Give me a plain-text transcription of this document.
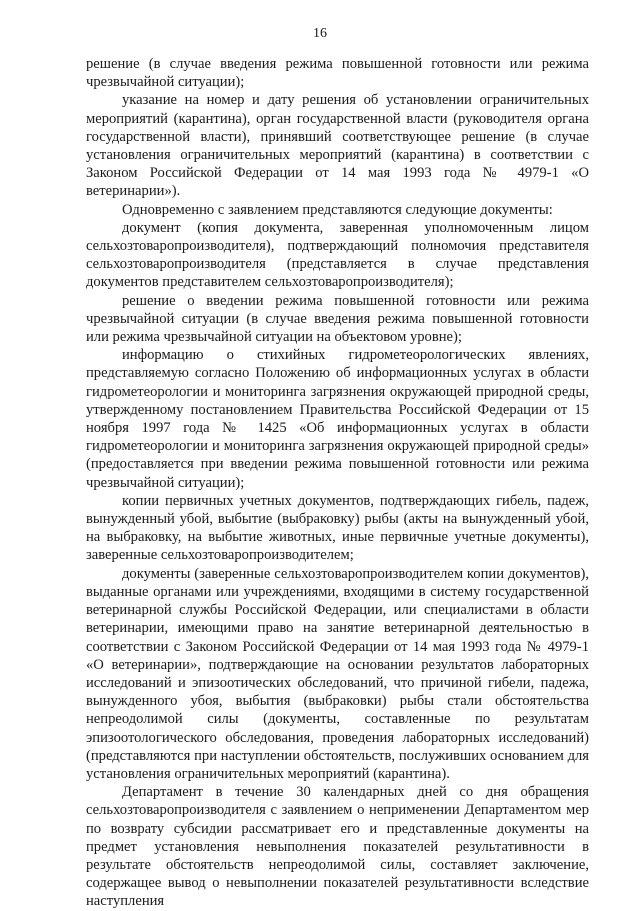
16

решение (в случае введения режима повышенной готовности или режима чрезвычайной ситуации);

указание на номер и дату решения об установлении ограничительных мероприятий (карантина), орган государственной власти (руководителя органа государственной власти), принявший соответствующее решение (в случае установления ограничительных мероприятий (карантина) в соответствии с Законом Российской Федерации от 14 мая 1993 года № 4979-1 «О ветеринарии»).

Одновременно с заявлением представляются следующие документы:

документ (копия документа, заверенная уполномоченным лицом сельхозтоваропроизводителя), подтверждающий полномочия представителя сельхозтоваропроизводителя (представляется в случае представления документов представителем сельхозтоваропроизводителя);

решение о введении режима повышенной готовности или режима чрезвычайной ситуации (в случае введения режима повышенной готовности или режима чрезвычайной ситуации на объектовом уровне);

информацию о стихийных гидрометеорологических явлениях, представляемую согласно Положению об информационных услугах в области гидрометеорологии и мониторинга загрязнения окружающей природной среды, утвержденному постановлением Правительства Российской Федерации от 15 ноября 1997 года № 1425 «Об информационных услугах в области гидрометеорологии и мониторинга загрязнения окружающей природной среды» (предоставляется при введении режима повышенной готовности или режима чрезвычайной ситуации);

копии первичных учетных документов, подтверждающих гибель, падеж, вынужденный убой, выбытие (выбраковку) рыбы (акты на вынужденный убой, на выбраковку, на выбытие животных, иные первичные учетные документы), заверенные сельхозтоваропроизводителем;

документы (заверенные сельхозтоваропроизводителем копии документов), выданные органами или учреждениями, входящими в систему государственной ветеринарной службы Российской Федерации, или специалистами в области ветеринарии, имеющими право на занятие ветеринарной деятельностью в соответствии с Законом Российской Федерации от 14 мая 1993 года № 4979-1 «О ветеринарии», подтверждающие на основании результатов лабораторных исследований и эпизоотических обследований, что причиной гибели, падежа, вынужденного убоя, выбытия (выбраковки) рыбы стали обстоятельства непреодолимой силы (документы, составленные по результатам эпизоотологического обследования, проведения лабораторных исследований) (представляются при наступлении обстоятельств, послуживших основанием для установления ограничительных мероприятий (карантина).

Департамент в течение 30 календарных дней со дня обращения сельхозтоваропроизводителя с заявлением о неприменении Департаментом мер по возврату субсидии рассматривает его и представленные документы на предмет установления невыполнения показателей результативности в результате обстоятельств непреодолимой силы, составляет заключение, содержащее вывод о невыполнении показателей результативности вследствие наступления
